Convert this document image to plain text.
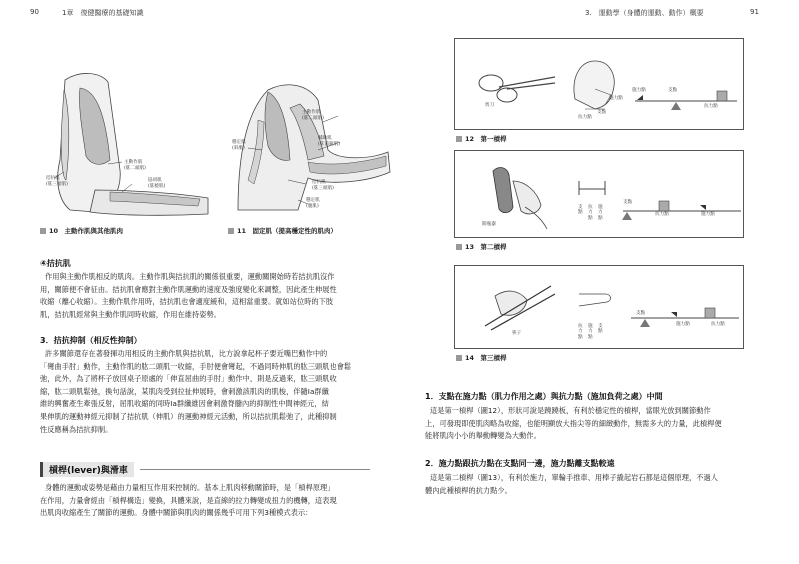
90	1章　復健醫療的基礎知識	3.　運動學（身體的運動、動作）概要	91
主動作肌
(肱二頭肌)
協同肌
(肱橈肌)
拮抗肌
(肱三頭肌)
10　 主動作肌與其他肌肉
主動作肌
(肱二頭肌)
輔助肌
(肱前鋸肌)
穩定肌
(斜肌)
拮抗肌
(肱三頭肌)
穩定肌
(腹肌)
11　 固定肌（提高穩定性的肌肉）
④拮抗肌
作用與主動作肌相反的肌肉。主動作肌與拮抗肌的關係很重要，運動關開始時若拮抗肌沒作
用，關節便不會征由。拮抗肌會應對主動作肌運動的速度及強度變化來調整，因此產生伸展性
收縮（離心收縮）。主動作肌作用時，拮抗肌也會適度緩和，這相當重要。就如站位時的下肢
肌，拮抗肌經常與主動作肌同時收縮，作用在維持姿勢。
3．拮抗抑制（相反性抑制）
許多關節還存在著發揮功用相反的主動作肌與拮抗肌，比方說拿起杯子要近嘴巴動作中的
「彎曲手肘」動作，主動作肌的肱二頭肌一收縮，手肘便會彎起，不過同時伸肌的肱三頭肌也會鬆
弛，此外，為了將杯子放回桌子原處的「伸直屈曲的手肘」動作中，則是反過來，肱三頭肌收
縮，肱二頭肌鬆弛，換句話說，某肌肉受到拉扯伸展時，會刺激該肌肉的肌梭，伴隨Ⅰa群纖
維的興奮產生牽張反射，屈肌收縮的同時Ⅰa群纖維因會刺激脊髓內的抑制性中間神經元，結
果伸肌的運動神經元抑制了拮抗肌（伸肌）的運動神經元活動，所以拮抗肌鬆弛了，此種抑制
性反應稱為拮抗抑制。
槓桿(lever)與滑車
身體的運動或姿勢是藉由力量相互作用來控制的。基本上肌肉移動關節時，是「槓桿原理」
在作用，力量會經由「槓桿構造」變換，具體來說，是直線的拉力轉變成扭力的機轉，這表現
出肌肉收縮產生了關節的運動。身體中關節與肌肉的關係幾乎可用下列3種模式表示：
剪刀
抗力點
支點
施力點
施力點	支點
抗力點
12　 第一槓桿
開瓶器
支點
抗力點
施力點
支點
抗力點	施力點
13　 第二槓桿
筷子
抗力點
施力點
支點
支點
施力點	抗力點
14　 第三槓桿
1．支點在施力點（肌力作用之處）與抗力點（施加負荷之處）中間
這是第一槓桿（圖12），形狀可說是蹺蹺板，有利於穩定性的槓桿，當眼光放到關節動作
上，可發現即使肌肉略為收縮，也能明顯放大指尖等的細緻動作，無需多大的力量，此槓桿便
能將肌肉小小的舉動轉變為大動作。
2．施力點跟抗力點在支點同一邊，施力點離支點較遠
這是第二槓桿（圖13），有利於施力，單輪手推車、用棒子撬起岩石都是這個原理，不過人
體內此種槓桿的抗力點少。
